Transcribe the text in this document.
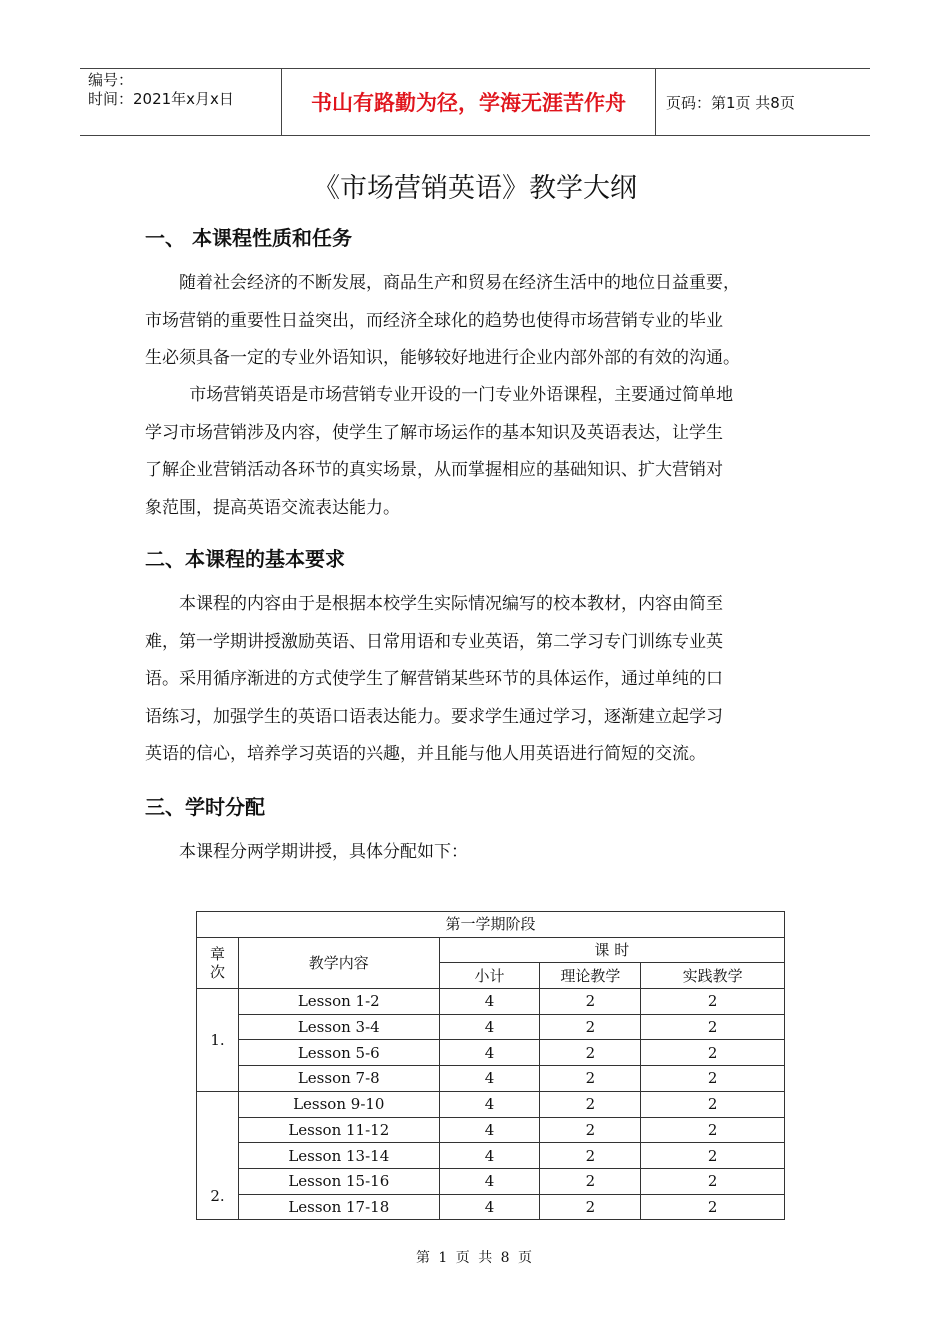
编号：
时间：2021年x月x日	书山有路勤为径，学海无涯苦作舟	页码：第1页 共8页
《市场营销英语》教学大纲
一、 本课程性质和任务
随着社会经济的不断发展，商品生产和贸易在经济生活中的地位日益重要，
市场营销的重要性日益突出，而经济全球化的趋势也使得市场营销专业的毕业
生必须具备一定的专业外语知识，能够较好地进行企业内部外部的有效的沟通。
市场营销英语是市场营销专业开设的一门专业外语课程，主要通过简单地
学习市场营销涉及内容，使学生了解市场运作的基本知识及英语表达，让学生
了解企业营销活动各环节的真实场景，从而掌握相应的基础知识、扩大营销对
象范围，提高英语交流表达能力。
二、本课程的基本要求
本课程的内容由于是根据本校学生实际情况编写的校本教材，内容由简至
难，第一学期讲授激励英语、日常用语和专业英语，第二学习专门训练专业英
语。采用循序渐进的方式使学生了解营销某些环节的具体运作，通过单纯的口
语练习，加强学生的英语口语表达能力。要求学生通过学习，逐渐建立起学习
英语的信心，培养学习英语的兴趣，并且能与他人用英语进行简短的交流。
三、学时分配
本课程分两学期讲授，具体分配如下：
第一学期阶段				

章
次	教学内容	课 时		
		小计	理论教学	实践教学
1.	Lesson 1-2	4	2	2
	Lesson 3-4	4	2	2
	Lesson 5-6	4	2	2
	Lesson 7-8	4	2	2
2.	Lesson 9-10	4	2	2
	Lesson 11-12	4	2	2
	Lesson 13-14	4	2	2
	Lesson 15-16	4	2	2
	Lesson 17-18	4	2	2
第 1 页 共 8 页
